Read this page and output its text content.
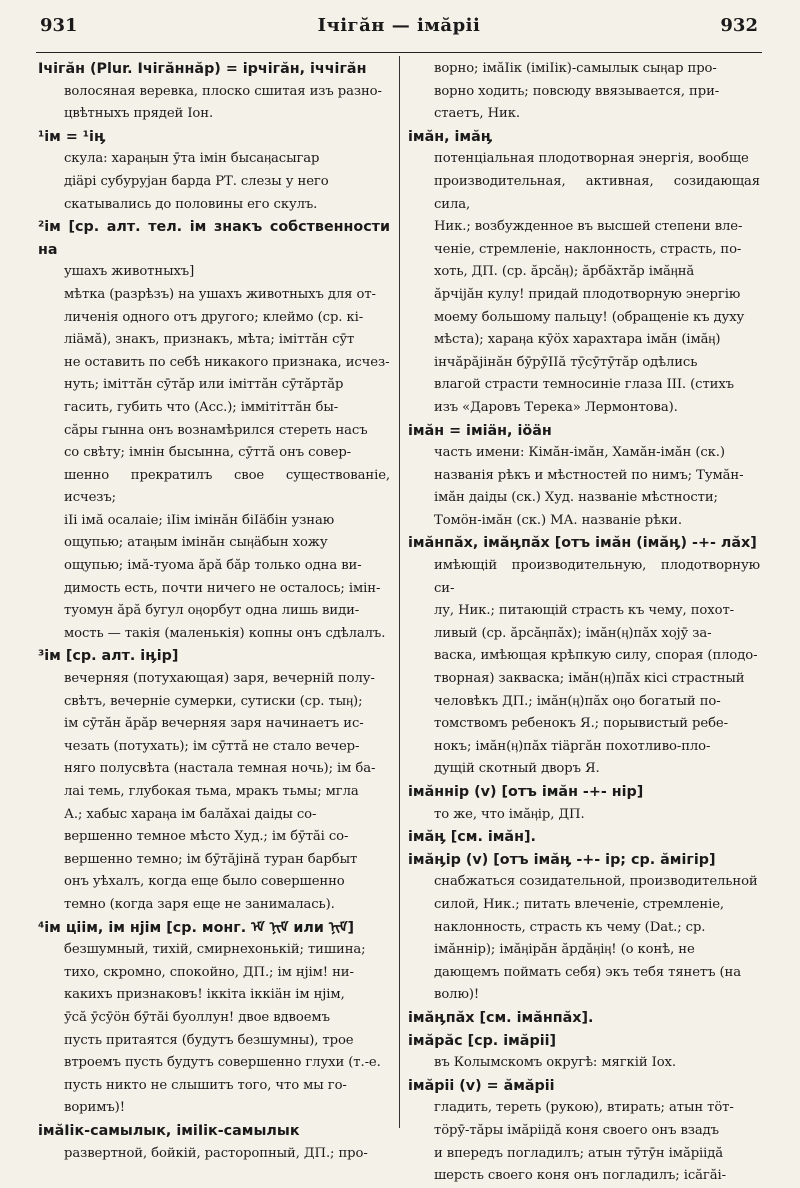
931	Ічігăн — імăріі	932
Ічігăн (Plur. Ічігăннăр) = ірчігăн, іччігăн
волосяная веревка, плоско сшитая изъ разно-
цвѣтныхъ прядей Іон.
¹ім = ¹іӊ
скула: хараӊын ӯта імін бысаӊасыгар
діäрі субуруjан барда РТ. слезы у него
скатывались до половины его скулъ.
²ім [ср. алт. тел. ім знакъ собственности на
ушахъ животныхъ]
мѣтка (разрѣзъ) на ушахъ животныхъ для от-
личенія одного отъ другого; клеймо (ср. кі-
ліäмă), знакъ, признакъ, мѣта; іміттăн сӯт
не оставить по себѣ никакого признака, исчез-
нуть; іміттăн сӯтăр или іміттăн сӯтăртăр
гасить, губить что (Acc.); іммітіттăн бы-
сăры гынна онъ вознамѣрился стереть насъ
со свѣту; імнін бысынна, сӯттă онъ совер-
шенно прекратилъ свое существованіе, исчезъ;
іӀі імă осалаіе; іӀім імінăн біӀӓбін узнаю
ощупью; атаӊым імінăн сыӊӓбын хожу
ощупью; імă-туома ăрă бăр только одна ви-
димость есть, почти ничего не осталось; імін-
туомун ăрă бугул оӊорбут одна лишь види-
мость — такія (маленькія) копны онъ сдѣлалъ.
³ім [ср. алт. іӊір]
вечерняя (потухающая) заря, вечерній полу-
свѣтъ, вечерніе сумерки, сутиски (ср. тыӊ);
ім сӯтăн ăрăр вечерняя заря начинаетъ ис-
чезать (потухать); ім сӯттă не стало вечер-
няго полусвѣта (настала темная ночь); ім ба-
лаі темь, глубокая тьма, мракъ тьмы; мгла
А.; хабыс хараӊа ім балăхаі даіды со-
вершенно темное мѣсто Худ.; ім бӯтăі со-
вершенно темно; ім бӯтăjінă туран барбыт
онъ уѣхалъ, когда еще было совершенно
темно (когда заря еще не занималась).
⁴ім ціім, ім нјім [ср. монг. ᠡᠮ ᠨᠢᠮ или ᠨᠢᠮ]
безшумный, тихій, смирнехонькій; тишина;
тихо, скромно, спокойно, ДП.; ім нјім! ни-
какихъ признаковъ! іккіта іккіäн ім нјім,
ӯсă ӯсӯöн бӯтăі буоллун! двое вдвоемъ
пусть притаятся (будутъ безшумны), трое
втроемъ пусть будутъ совершенно глухи (т.-е.
пусть никто не слышитъ того, что мы го-
воримъ)!
імăІік-самылык, іміІік-самылык
развертной, бойкій, расторопный, ДП.; про-
ворно; імăІік (іміІік)-самылык сыӊар про-
ворно ходить; повсюду ввязывается, при-
стаетъ, Ник.
імăн, імăӊ
потенціальная плодотворная энергія, вообще
производительная, активная, созидающая сила,
Ник.; возбужденное въ высшей степени вле-
ченіе, стремленіе, наклонность, страсть, по-
хоть, ДП. (ср. ăрсăӊ); ăрбăхтăр імăӊнă
ăрчіjăн кулу! придай плодотворную энергію
моему большому пальцу! (обращеніе къ духу
мѣста); хараӊа кӯöх харахтара імăн (імăӊ)
інчăрăjінăн бӯрӯІІă тӯсӯтӯтăр одѣлись
влагой страсти темносиніе глаза ІІІ. (стихъ
изъ «Даровъ Терека» Лермонтова).
імăн = іміäн, іöäн
часть имени: Кімăн-імăн, Хамăн-імăн (ск.)
названія рѣкъ и мѣстностей по нимъ; Тумăн-
імăн даіды (ск.) Худ. названіе мѣстности;
Томöн-імăн (ск.) МА. названіе рѣки.
імăнпăх, імăӊпăх [отъ імăн (імăӊ) -+- лăх]
имѣющій производительную, плодотворную си-
лу, Ник.; питающій страсть къ чему, похот-
ливый (ср. ăрсăӊпăх); імăн(ӊ)пăх хоjӯ за-
васка, имѣющая крѣпкую силу, спорая (плодо-
творная) закваска; імăн(ӊ)пăх кісі страстный
человѣкъ ДП.; імăн(ӊ)пăх оӊо богатый по-
томствомъ ребенокъ Я.; порывистый ребе-
нокъ; імăн(ӊ)пăх тіäргăн похотливо-пло-
дущій скотный дворъ Я.
імăннір (v) [отъ імăн -+- нір]
то же, что імăӊір, ДП.
імăӊ [см. імăн].
імăӊір (v) [отъ імăӊ -+- ір; ср. ăмігір]
снабжаться созидательной, производительной
силой, Ник.; питать влеченіе, стремленіе,
наклонность, страсть къ чему (Dat.; ср.
імăннір); імăӊірăн ăрдăӊіӊ! (о конѣ, не
дающемъ поймать себя) экъ тебя тянетъ (на
волю)!
імăӊпăх [см. імăнпăх].
імăрăс [ср. імăріі]
въ Колымскомъ округѣ: мягкій Іох.
імăріі (v) = ăмăріі
гладить, тереть (рукою), втирать; атын тӧт-
тӧрӯ-тăры імăріідă коня своего онъ взадъ
и впередъ погладилъ; атын тӯтӯн імăріідă
шерсть своего коня онъ погладилъ; ісăгăі-
